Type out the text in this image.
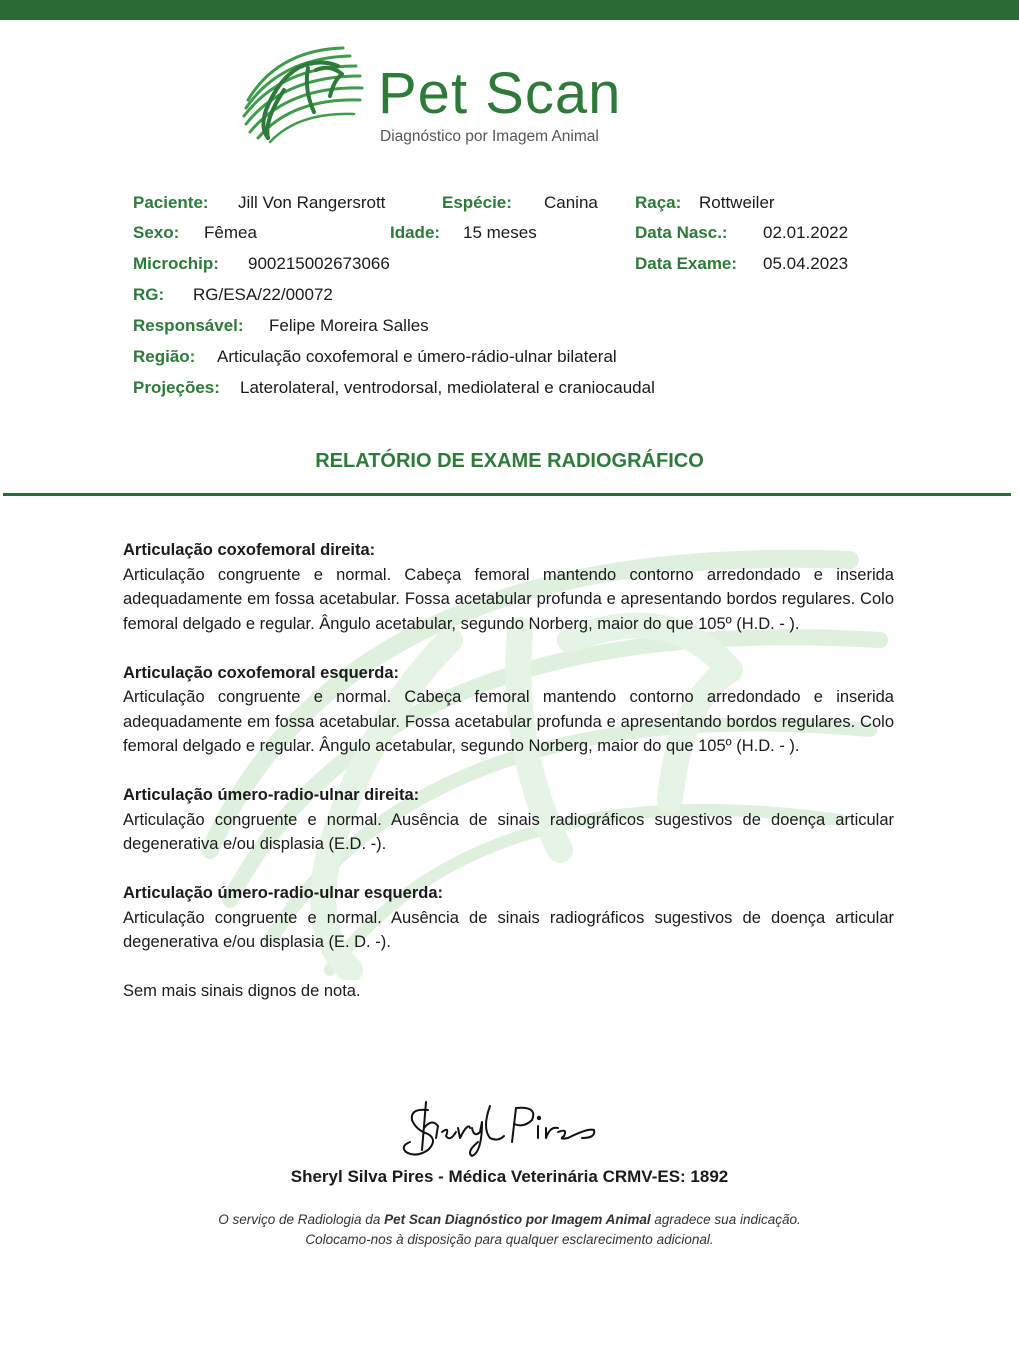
Pet Scan
Diagnóstico por Imagem Animal
Paciente: Jill Von Rangersrott	Espécie: Canina Raça: Rottweiler
Sexo: Fêmea	Idade: 15 meses	Data Nasc.: 02.01.2022
Microchip: 900215002673066	Data Exame: 05.04.2023
RG: RG/ESA/22/00072
Responsável: Felipe Moreira Salles
Região: Articulação coxofemoral e úmero-rádio-ulnar bilateral
Projeções: Laterolateral, ventrodorsal, mediolateral e craniocaudal
RELATÓRIO DE EXAME RADIOGRÁFICO
Articulação coxofemoral direita:
Articulação congruente e normal. Cabeça femoral mantendo contorno arredondado e inserida adequadamente em fossa acetabular. Fossa acetabular profunda e apresentando bordos regulares. Colo femoral delgado e regular. Ângulo acetabular, segundo Norberg, maior do que 105º (H.D. - ).
Articulação coxofemoral esquerda:
Articulação congruente e normal. Cabeça femoral mantendo contorno arredondado e inserida adequadamente em fossa acetabular. Fossa acetabular profunda e apresentando bordos regulares. Colo femoral delgado e regular. Ângulo acetabular, segundo Norberg, maior do que 105º (H.D. - ).
Articulação úmero-radio-ulnar direita:
Articulação congruente e normal. Ausência de sinais radiográficos sugestivos de doença articular degenerativa e/ou displasia (E.D. -).
Articulação úmero-radio-ulnar esquerda:
Articulação congruente e normal. Ausência de sinais radiográficos sugestivos de doença articular degenerativa e/ou displasia (E. D. -).
Sem mais sinais dignos de nota.
Sheryl Silva Pires - Médica Veterinária CRMV-ES: 1892
O serviço de Radiologia da Pet Scan Diagnóstico por Imagem Animal agradece sua indicação.
Colocamo-nos à disposição para qualquer esclarecimento adicional.
